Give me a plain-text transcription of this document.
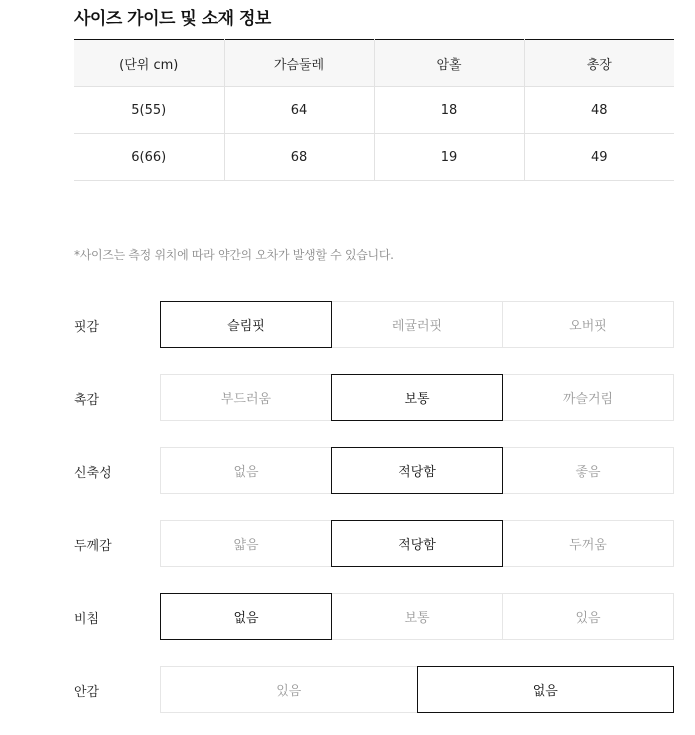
사이즈 가이드 및 소재 정보
(단위 cm)	가슴둘레	암홀	총장
5(55)	64	18	48
6(66)	68	19	49
*사이즈는 측정 위치에 따라 약간의 오차가 발생할 수 있습니다.
핏감	슬림핏	레귤러핏	오버핏
촉감	부드러움	보통	까슬거림
신축성	없음	적당함	좋음
두께감	얇음	적당함	두꺼움
비침	없음	보통	있음
안감	있음	없음
